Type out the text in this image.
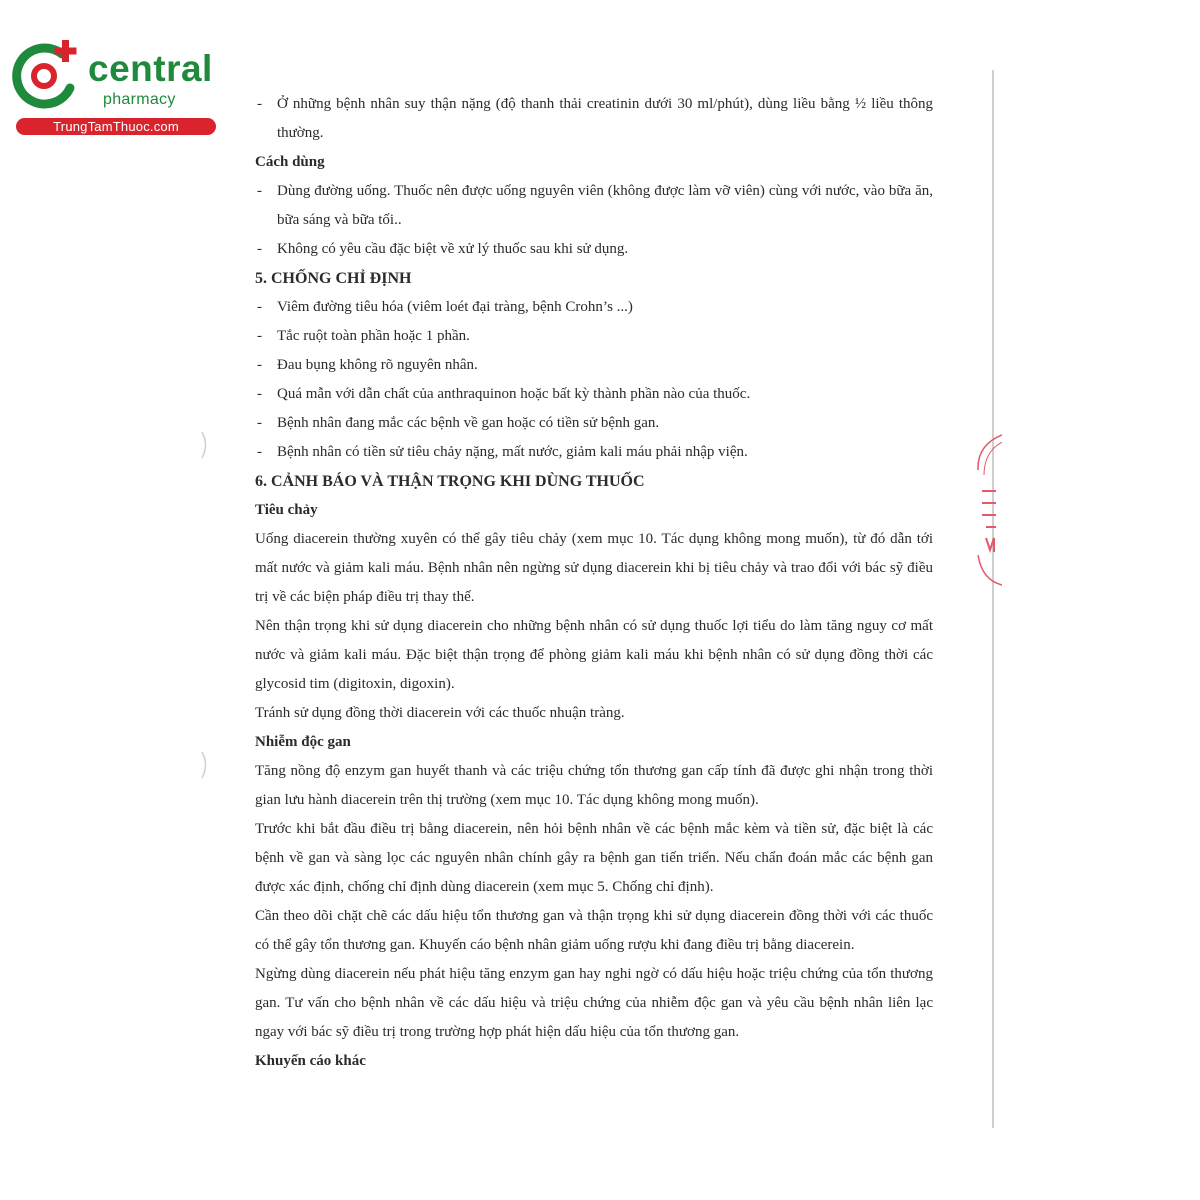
central
pharmacy
TrungTamThuoc.com
- Ở những bệnh nhân suy thận nặng (độ thanh thải creatinin dưới 30 ml/phút), dùng liều bằng ½ liều thông thường.
Cách dùng
- Dùng đường uống. Thuốc nên được uống nguyên viên (không được làm vỡ viên) cùng với nước, vào bữa ăn, bữa sáng và bữa tối..
- Không có yêu cầu đặc biệt về xử lý thuốc sau khi sử dụng.
5. CHỐNG CHỈ ĐỊNH
- Viêm đường tiêu hóa (viêm loét đại tràng, bệnh Crohn’s ...)
- Tắc ruột toàn phần hoặc 1 phần.
- Đau bụng không rõ nguyên nhân.
- Quá mẫn với dẫn chất của anthraquinon hoặc bất kỳ thành phần nào của thuốc.
- Bệnh nhân đang mắc các bệnh về gan hoặc có tiền sử bệnh gan.
- Bệnh nhân có tiền sử tiêu chảy nặng, mất nước, giảm kali máu phải nhập viện.
6. CẢNH BÁO VÀ THẬN TRỌNG KHI DÙNG THUỐC
Tiêu chảy
Uống diacerein thường xuyên có thể gây tiêu chảy (xem mục 10. Tác dụng không mong muốn), từ đó dẫn tới mất nước và giảm kali máu. Bệnh nhân nên ngừng sử dụng diacerein khi bị tiêu chảy và trao đổi với bác sỹ điều trị về các biện pháp điều trị thay thế.
Nên thận trọng khi sử dụng diacerein cho những bệnh nhân có sử dụng thuốc lợi tiểu do làm tăng nguy cơ mất nước và giảm kali máu. Đặc biệt thận trọng để phòng giảm kali máu khi bệnh nhân có sử dụng đồng thời các glycosid tim (digitoxin, digoxin).
Tránh sử dụng đồng thời diacerein với các thuốc nhuận tràng.
Nhiễm độc gan
Tăng nồng độ enzym gan huyết thanh và các triệu chứng tổn thương gan cấp tính đã được ghi nhận trong thời gian lưu hành diacerein trên thị trường (xem mục 10. Tác dụng không mong muốn).
Trước khi bắt đầu điều trị bằng diacerein, nên hỏi bệnh nhân về các bệnh mắc kèm và tiền sử, đặc biệt là các bệnh về gan và sàng lọc các nguyên nhân chính gây ra bệnh gan tiến triển. Nếu chẩn đoán mắc các bệnh gan được xác định, chống chỉ định dùng diacerein (xem mục 5. Chống chỉ định).
Cần theo dõi chặt chẽ các dấu hiệu tổn thương gan và thận trọng khi sử dụng diacerein đồng thời với các thuốc có thể gây tổn thương gan. Khuyến cáo bệnh nhân giảm uống rượu khi đang điều trị bằng diacerein.
Ngừng dùng diacerein nếu phát hiệu tăng enzym gan hay nghi ngờ có dấu hiệu hoặc triệu chứng của tổn thương gan. Tư vấn cho bệnh nhân về các dấu hiệu và triệu chứng của nhiễm độc gan và yêu cầu bệnh nhân liên lạc ngay với bác sỹ điều trị trong trường hợp phát hiện dấu hiệu của tổn thương gan.
Khuyến cáo khác
